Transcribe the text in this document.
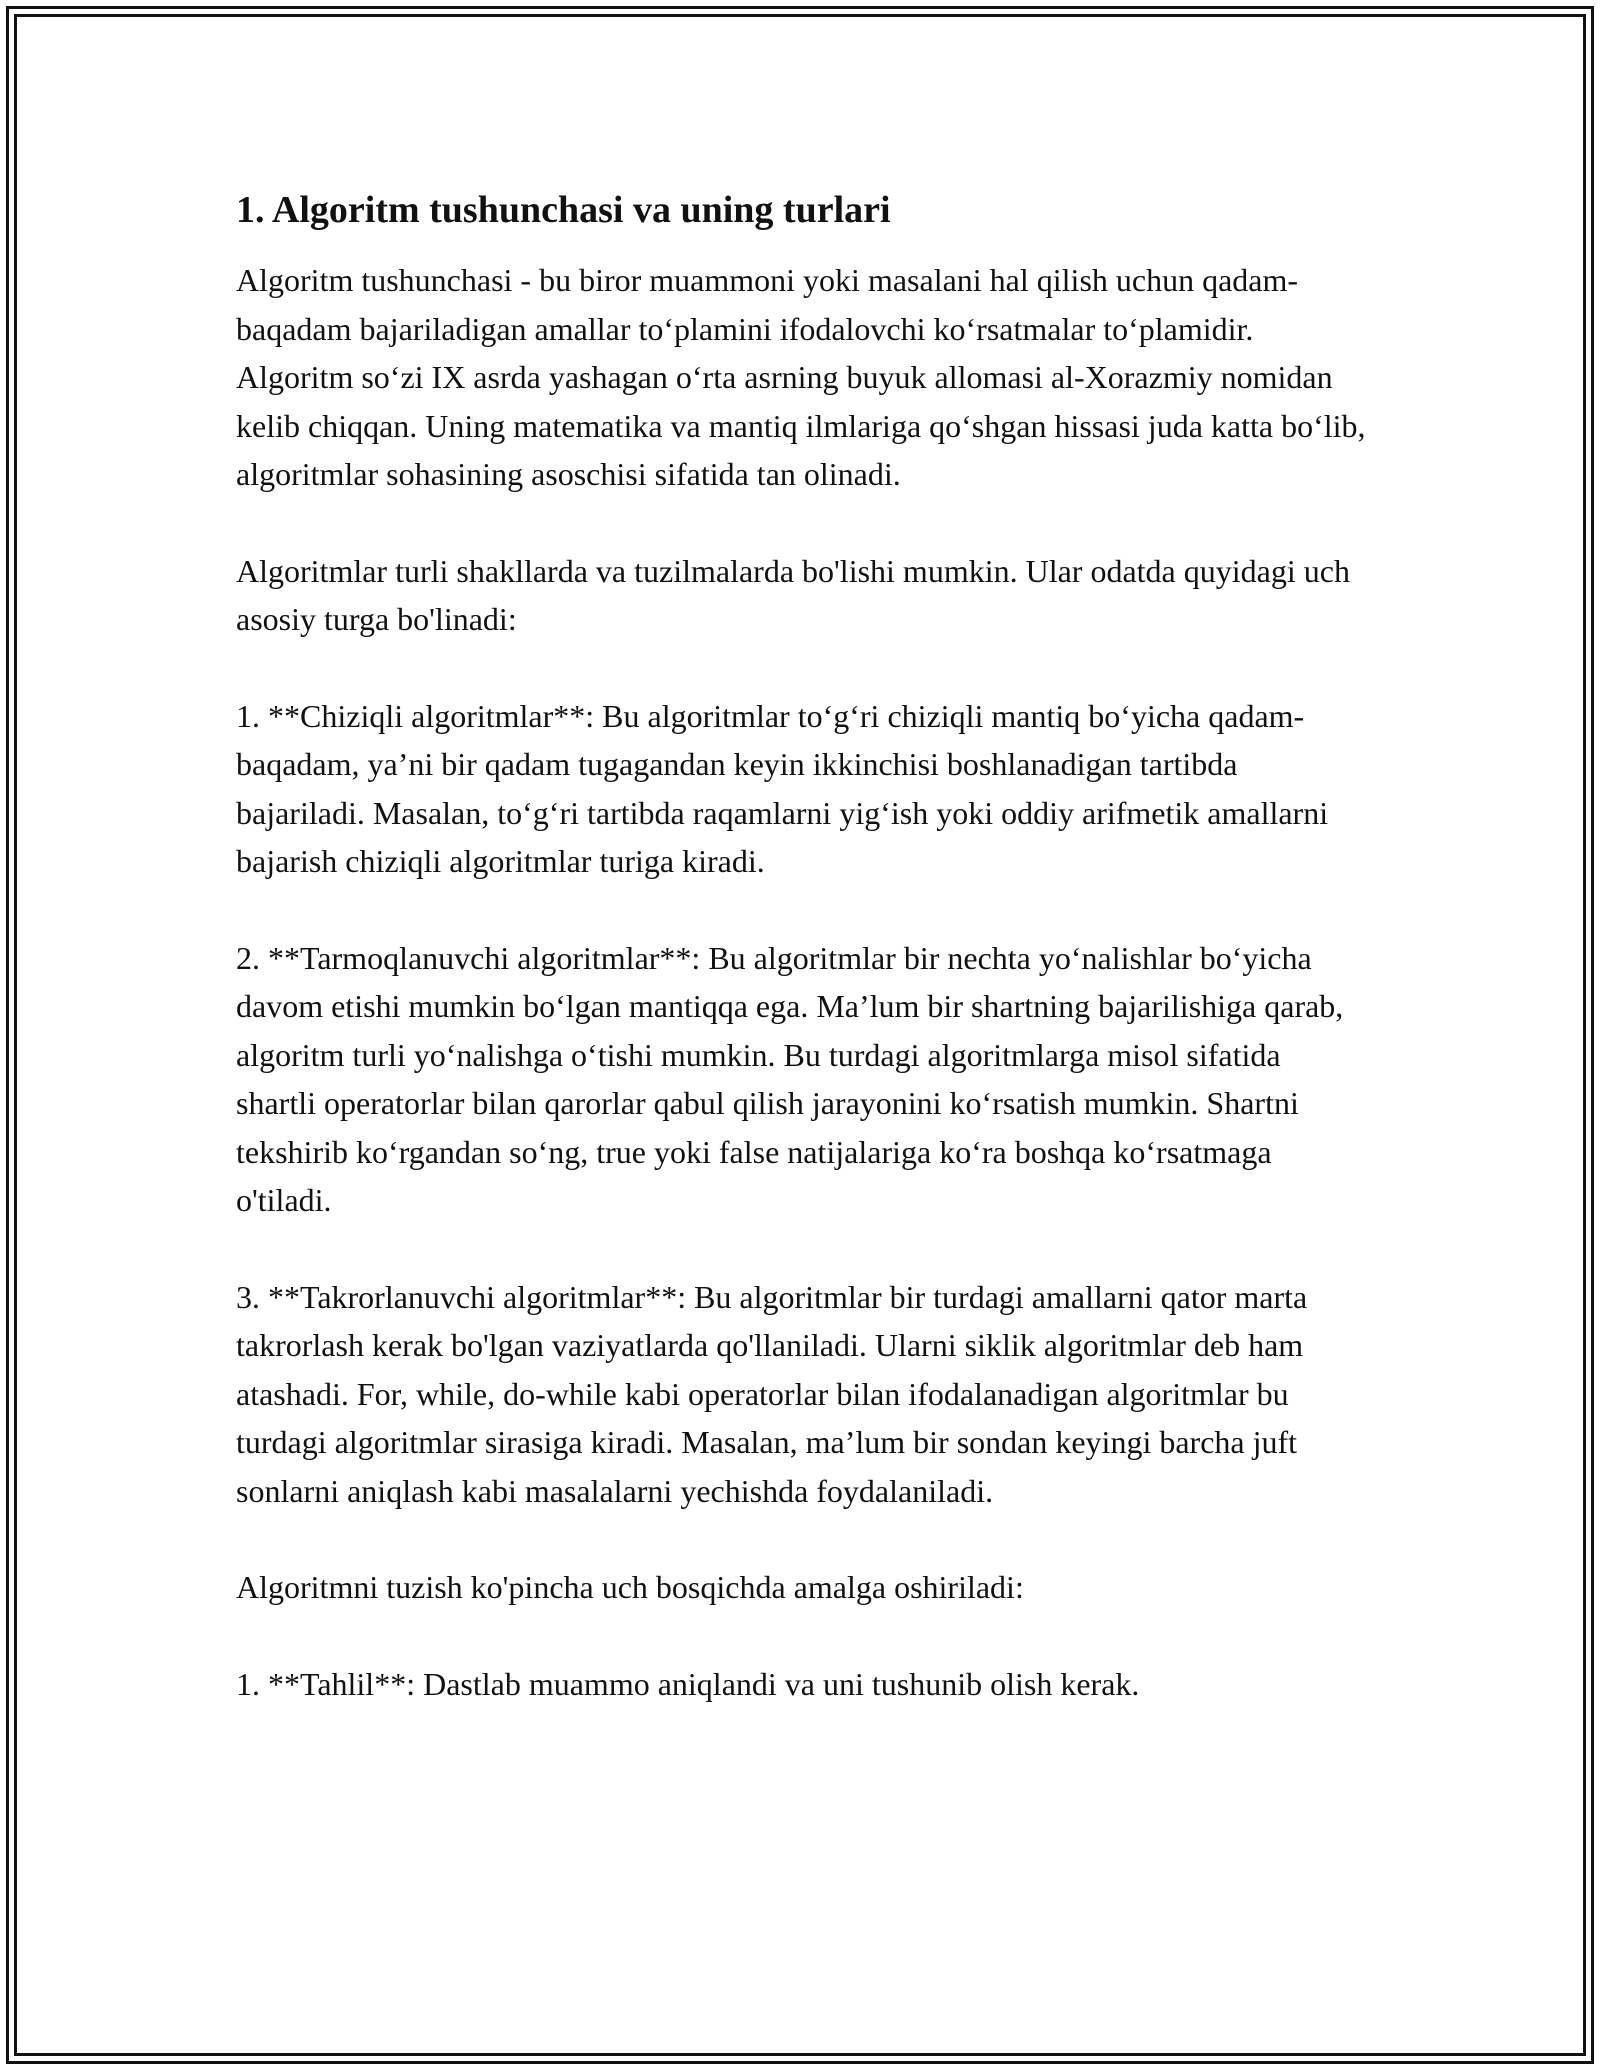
1. Algoritm tushunchasi va uning turlari

Algoritm tushunchasi - bu biror muammoni yoki masalani hal qilish uchun qadam-baqadam bajariladigan amallar to‘plamini ifodalovchi ko‘rsatmalar to‘plamidir. Algoritm so‘zi IX asrda yashagan o‘rta asrning buyuk allomasi al-Xorazmiy nomidan kelib chiqqan. Uning matematika va mantiq ilmlariga qo‘shgan hissasi juda katta bo‘lib, algoritmlar sohasining asoschisi sifatida tan olinadi.

Algoritmlar turli shakllarda va tuzilmalarda bo'lishi mumkin. Ular odatda quyidagi uch asosiy turga bo'linadi:

1. **Chiziqli algoritmlar**: Bu algoritmlar to‘g‘ri chiziqli mantiq bo‘yicha qadam-baqadam, ya’ni bir qadam tugagandan keyin ikkinchisi boshlanadigan tartibda bajariladi. Masalan, to‘g‘ri tartibda raqamlarni yig‘ish yoki oddiy arifmetik amallarni bajarish chiziqli algoritmlar turiga kiradi.

2. **Tarmoqlanuvchi algoritmlar**: Bu algoritmlar bir nechta yo‘nalishlar bo‘yicha davom etishi mumkin bo‘lgan mantiqqa ega. Ma’lum bir shartning bajarilishiga qarab, algoritm turli yo‘nalishga o‘tishi mumkin. Bu turdagi algoritmlarga misol sifatida shartli operatorlar bilan qarorlar qabul qilish jarayonini ko‘rsatish mumkin. Shartni tekshirib ko‘rgandan so‘ng, true yoki false natijalariga ko‘ra boshqa ko‘rsatmaga o'tiladi.

3. **Takrorlanuvchi algoritmlar**: Bu algoritmlar bir turdagi amallarni qator marta takrorlash kerak bo'lgan vaziyatlarda qo'llaniladi. Ularni siklik algoritmlar deb ham atashadi. For, while, do-while kabi operatorlar bilan ifodalanadigan algoritmlar bu turdagi algoritmlar sirasiga kiradi. Masalan, ma’lum bir sondan keyingi barcha juft sonlarni aniqlash kabi masalalarni yechishda foydalaniladi.

Algoritmni tuzish ko'pincha uch bosqichda amalga oshiriladi:

1. **Tahlil**: Dastlab muammo aniqlandi va uni tushunib olish kerak.
